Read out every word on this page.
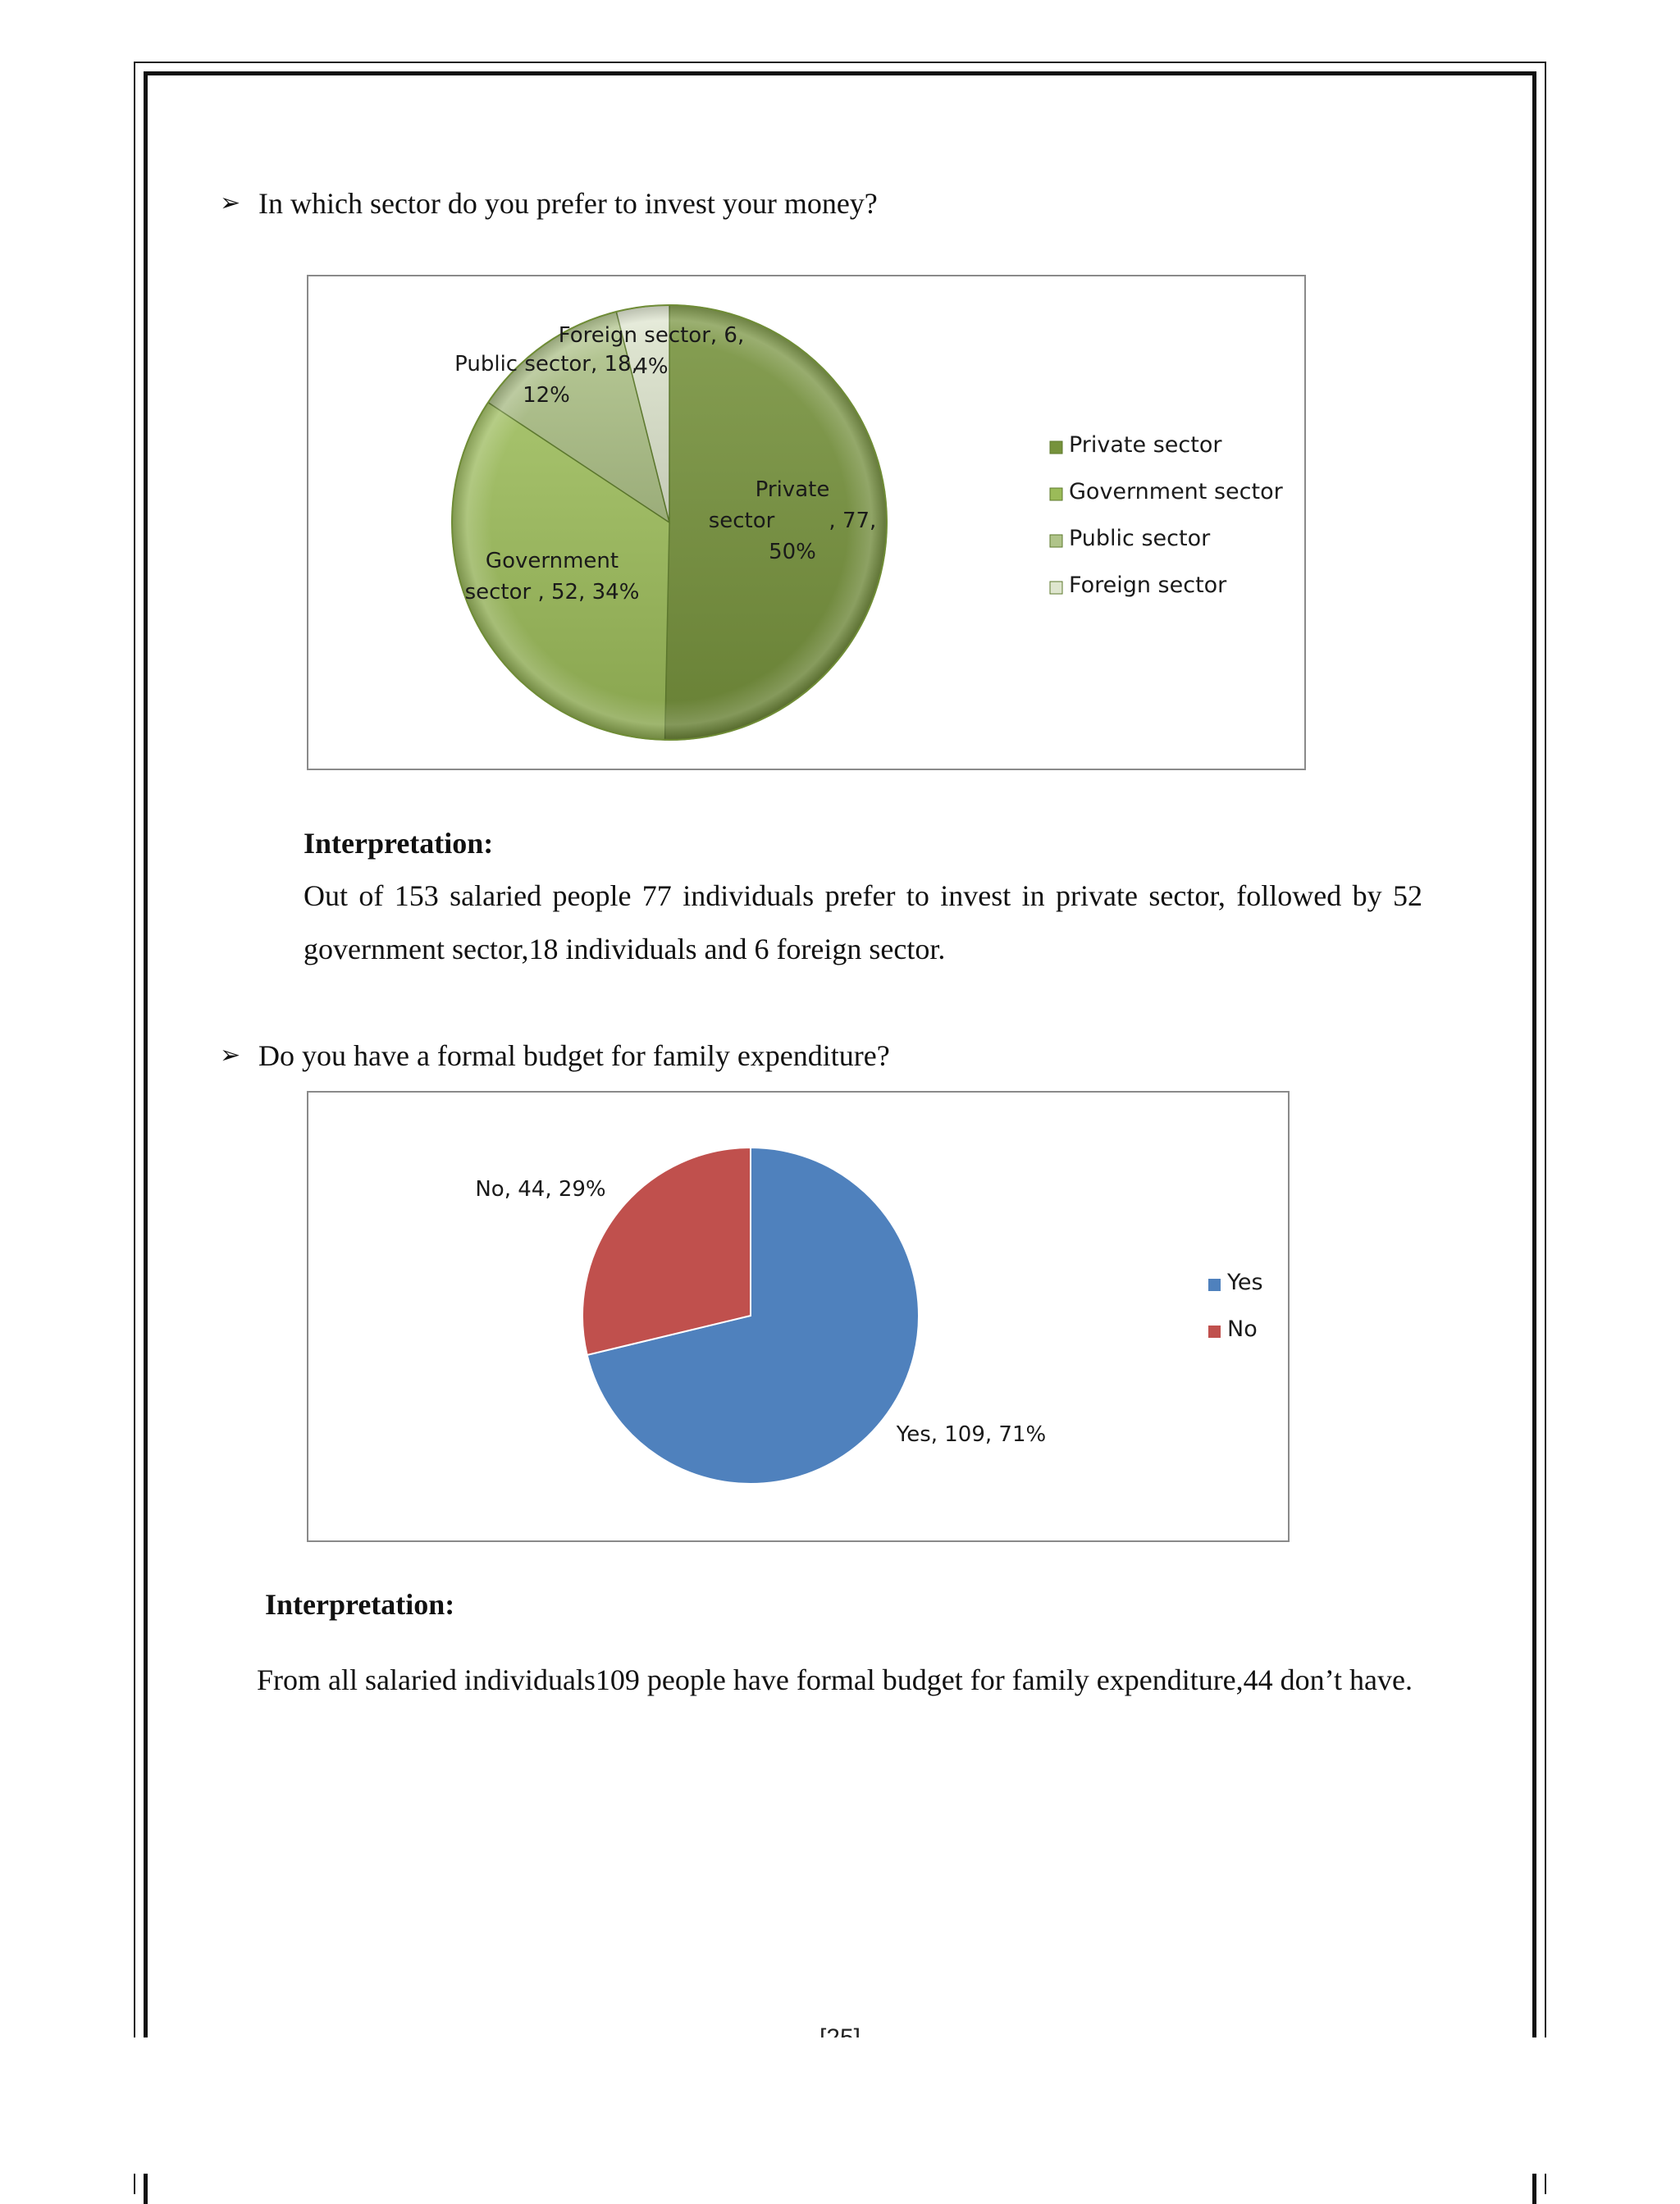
➢ In which sector do you prefer to invest your money?
Private sector        , 77, 50%
Government sector , 52, 34%
Public sector, 18, 12%
Foreign sector, 6, 4%
Private sector
Government sector
Public sector
Foreign sector
Interpretation:
Out of 153 salaried people 77 individuals prefer to invest in private sector, followed by 52 government sector,18 individuals and 6 foreign sector.
➢ Do you have a formal budget for family expenditure?
Yes, 109, 71%
No, 44, 29%
Yes
No
Interpretation:
From all salaried individuals109 people have formal budget for family expenditure,44 don’t have.
